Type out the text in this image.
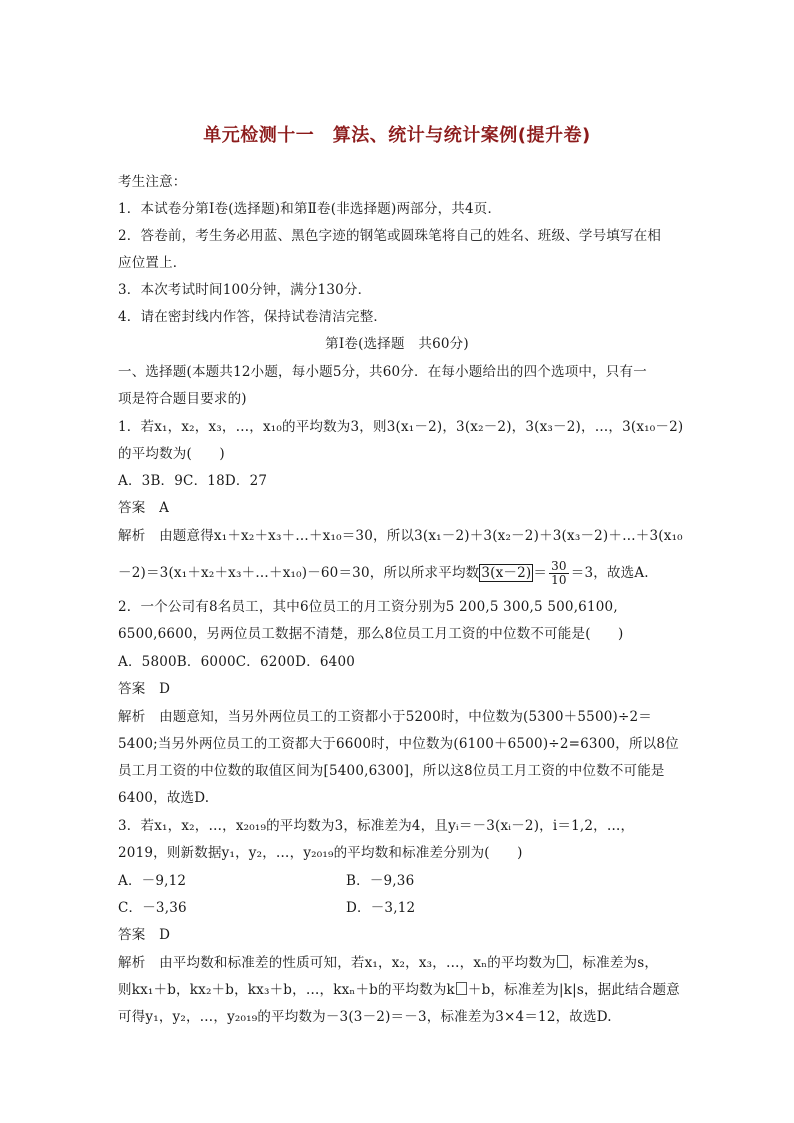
单元检测十一　算法、统计与统计案例(提升卷)
考生注意：
1．本试卷分第Ⅰ卷(选择题)和第Ⅱ卷(非选择题)两部分，共4页．
2．答卷前，考生务必用蓝、黑色字迹的钢笔或圆珠笔将自己的姓名、班级、学号填写在相
应位置上．
3．本次考试时间100分钟，满分130分．
4．请在密封线内作答，保持试卷清洁完整．
第Ⅰ卷(选择题　共60分)
一、选择题(本题共12小题，每小题5分，共60分．在每小题给出的四个选项中，只有一
项是符合题目要求的)
1．若x₁，x₂，x₃，…，x₁₀的平均数为3，则3(x₁－2)，3(x₂－2)，3(x₃－2)，…，3(x₁₀－2)
的平均数为(　　)
A．3B．9C．18D．27
答案　A
解析　由题意得x₁＋x₂＋x₃＋…＋x₁₀＝30，所以3(x₁－2)＋3(x₂－2)＋3(x₃－2)＋…＋3(x₁₀
－2)＝3(x₁＋x₂＋x₃＋…＋x₁₀)－60＝30，所以所求平均数 $3(x-2) = \frac{30}{10} =3$，故选A.
2．一个公司有8名员工，其中6位员工的月工资分别为5 200,5 300,5 500,6100,
6500,6600，另两位员工数据不清楚，那么8位员工月工资的中位数不可能是(　　)
A．5800B．6000C．6200D．6400
答案　D
解析　由题意知，当另外两位员工的工资都小于5200时，中位数为(5300＋5500)÷2＝
5400;当另外两位员工的工资都大于6600时，中位数为(6100＋6500)÷2=6300，所以8位
员工月工资的中位数的取值区间为[5400,6300]，所以这8位员工月工资的中位数不可能是
6400，故选D.
3．若x₁，x₂，…，x₂₀₁₉的平均数为3，标准差为4，且yᵢ＝－3(xᵢ－2)，i＝1,2，…，
2019，则新数据y₁，y₂，…，y₂₀₁₉的平均数和标准差分别为(　　)
A．－9,12	B．－9,36
C．－3,36	D．－3,12
答案　D
解析　由平均数和标准差的性质可知，若x₁，x₂，x₃，…，xₙ的平均数为 ，标准差为s，
则kx₁＋b，kx₂＋b，kx₃＋b，…，kxₙ＋b的平均数为k ＋b，标准差为|k|s，据此结合题意
可得y₁，y₂，…，y₂₀₁₉的平均数为－3(3－2)＝－3，标准差为3×4＝12，故选D.
